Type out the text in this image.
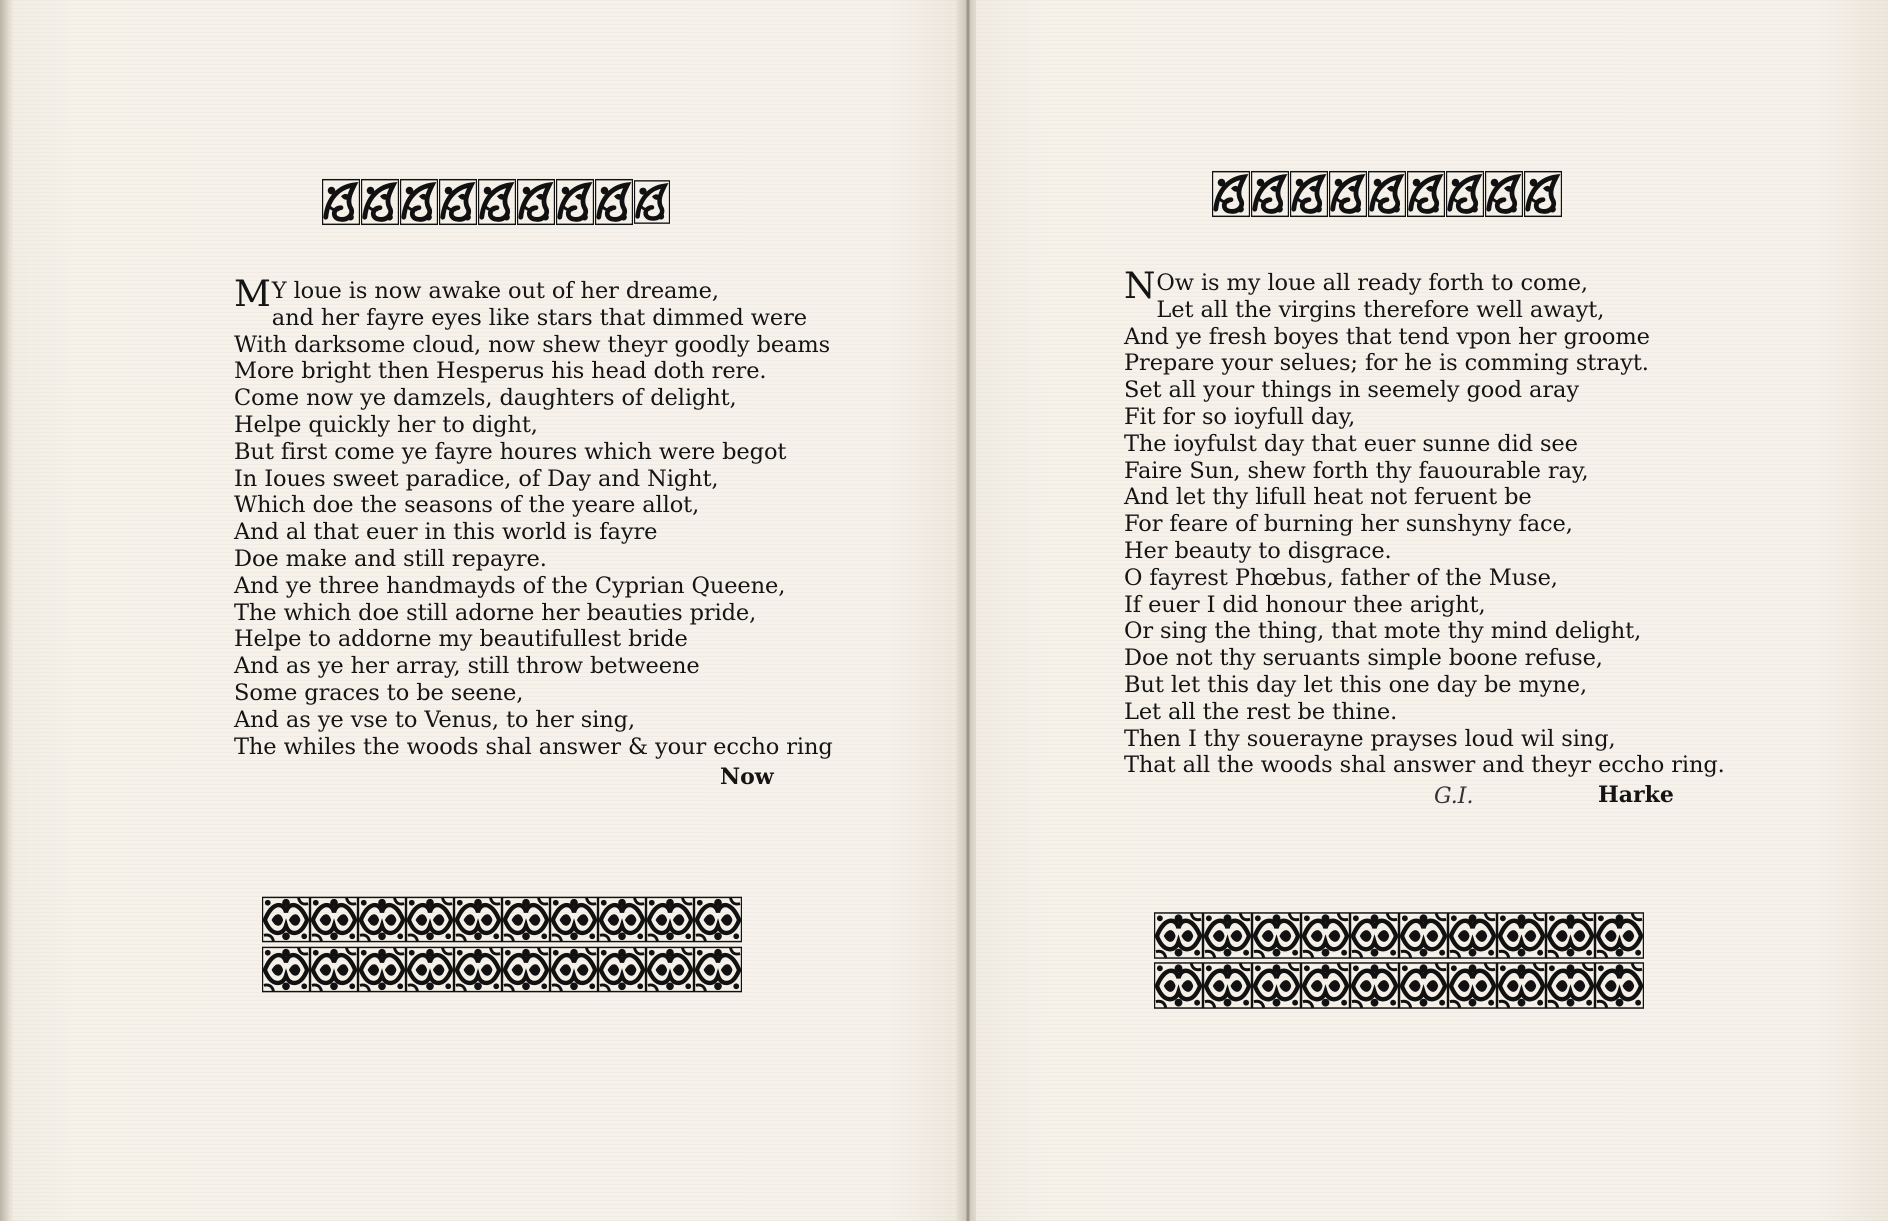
M Y loue is now awake out of her dreame,
and her fayre eyes like stars that dimmed were
With darksome cloud, now shew theyr goodly beams
More bright then Hesperus his head doth rere.
Come now ye damzels, daughters of delight,
Helpe quickly her to dight,
But first come ye fayre houres which were begot
In Ioues sweet paradice, of Day and Night,
Which doe the seasons of the yeare allot,
And al that euer in this world is fayre
Doe make and still repayre.
And ye three handmayds of the Cyprian Queene,
The which doe still adorne her beauties pride,
Helpe to addorne my beautifullest bride
And as ye her array, still throw betweene
Some graces to be seene,
And as ye vse to Venus, to her sing,
The whiles the woods shal answer & your eccho ring
Now
N Ow is my loue all ready forth to come,
Let all the virgins therefore well awayt,
And ye fresh boyes that tend vpon her groome
Prepare your selues; for he is comming strayt.
Set all your things in seemely good aray
Fit for so ioyfull day,
The ioyfulst day that euer sunne did see
Faire Sun, shew forth thy fauourable ray,
And let thy lifull heat not feruent be
For feare of burning her sunshyny face,
Her beauty to disgrace.
O fayrest Phœbus, father of the Muse,
If euer I did honour thee aright,
Or sing the thing, that mote thy mind delight,
Doe not thy seruants simple boone refuse,
But let this day let this one day be myne,
Let all the rest be thine.
Then I thy souerayne prayses loud wil sing,
That all the woods shal answer and theyr eccho ring.
G.I.	Harke
